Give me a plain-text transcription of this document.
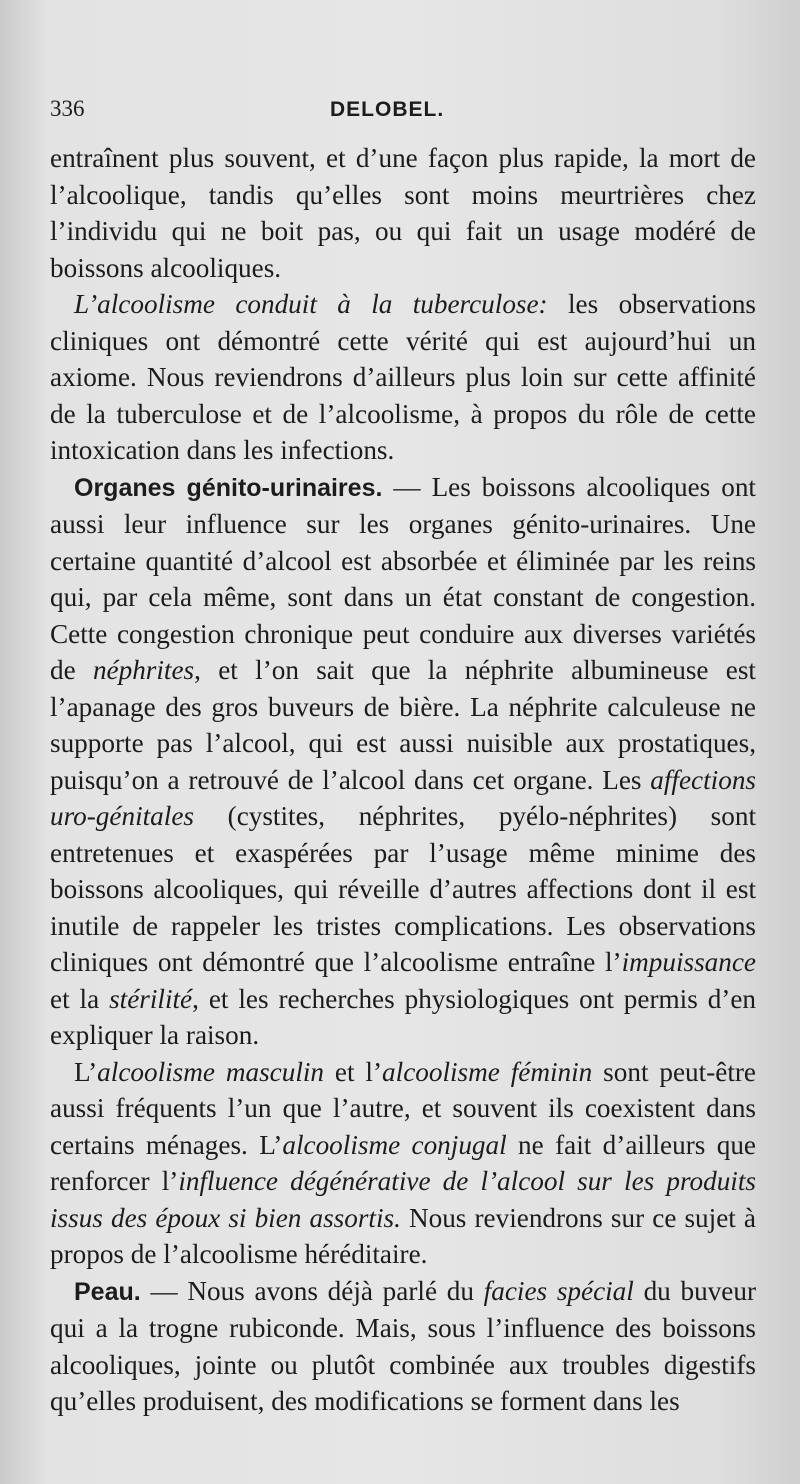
336	DELOBEL.

entraînent plus souvent, et d’une façon plus rapide, la mort de l’alcoolique, tandis qu’elles sont moins meurtrières chez l’individu qui ne boit pas, ou qui fait un usage modéré de boissons alcooliques.

L’alcoolisme conduit à la tuberculose: les observations cliniques ont démontré cette vérité qui est aujourd’hui un axiome. Nous reviendrons d’ailleurs plus loin sur cette affinité de la tuberculose et de l’alcoolisme, à propos du rôle de cette intoxication dans les infections.

Organes génito-urinaires. — Les boissons alcooliques ont aussi leur influence sur les organes génito-urinaires. Une certaine quantité d’alcool est absorbée et éliminée par les reins qui, par cela même, sont dans un état constant de congestion. Cette congestion chronique peut conduire aux diverses variétés de néphrites, et l’on sait que la néphrite albumineuse est l’apanage des gros buveurs de bière. La néphrite calculeuse ne supporte pas l’alcool, qui est aussi nuisible aux prostatiques, puisqu’on a retrouvé de l’alcool dans cet organe. Les affections uro-génitales (cystites, néphrites, pyélo-néphrites) sont entretenues et exaspérées par l’usage même minime des boissons alcooliques, qui réveille d’autres affections dont il est inutile de rappeler les tristes complications. Les observations cliniques ont démontré que l’alcoolisme entraîne l’impuissance et la stérilité, et les recherches physiologiques ont permis d’en expliquer la raison.

L’alcoolisme masculin et l’alcoolisme féminin sont peut-être aussi fréquents l’un que l’autre, et souvent ils coexistent dans certains ménages. L’alcoolisme conjugal ne fait d’ailleurs que renforcer l’influence dégénérative de l’alcool sur les produits issus des époux si bien assortis. Nous reviendrons sur ce sujet à propos de l’alcoolisme héréditaire.

Peau. — Nous avons déjà parlé du facies spécial du buveur qui a la trogne rubiconde. Mais, sous l’influence des boissons alcooliques, jointe ou plutôt combinée aux troubles digestifs qu’elles produisent, des modifications se forment dans les
